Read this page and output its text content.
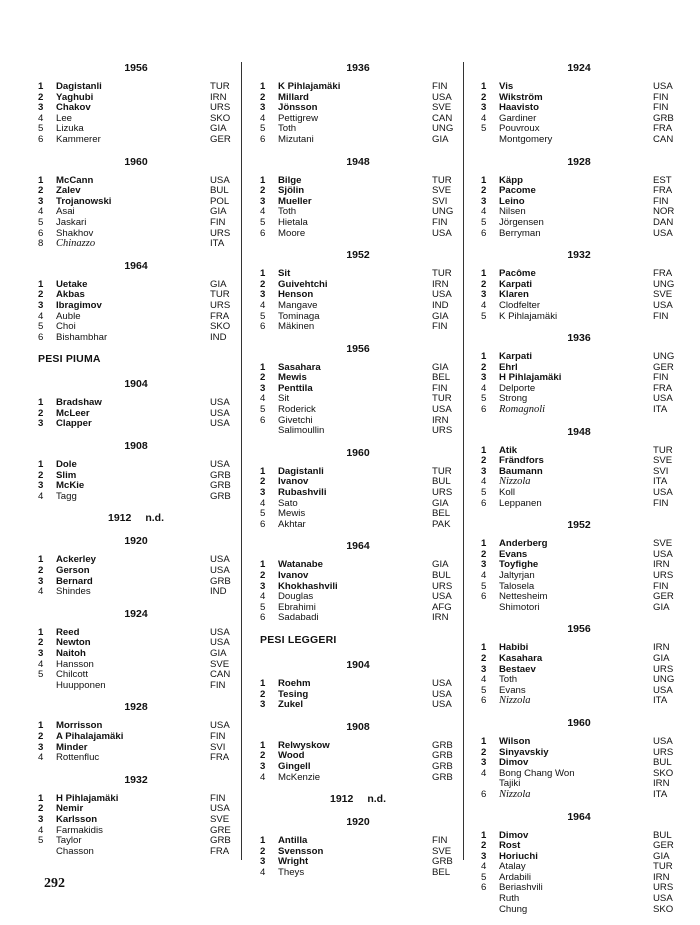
1956
1	Dagistanli	TUR
2	Yaghubi	IRN
3	Chakov	URS
4	Lee	SKO
5	Lizuka	GIA
6	Kammerer	GER
1960
1	McCann	USA
2	Zalev	BUL
3	Trojanowski	POL
4	Asai	GIA
5	Jaskari	FIN
6	Shakhov	URS
8	Chinazzo	ITA
1964
1	Uetake	GIA
2	Akbas	TUR
3	Ibragimov	URS
4	Auble	FRA
5	Choi	SKO
6	Bishambhar	IND
PESI PIUMA
1904
1	Bradshaw	USA
2	McLeer	USA
3	Clapper	USA
1908
1	Dole	USA
2	Slim	GRB
3	McKie	GRB
4	Tagg	GRB
1912 n.d.
1920
1	Ackerley	USA
2	Gerson	USA
3	Bernard	GRB
4	Shindes	IND
1924
1	Reed	USA
2	Newton	USA
3	Naitoh	GIA
4	Hansson	SVE
5	Chilcott	CAN
Huupponen	FIN
1928
1	Morrisson	USA
2	A Pihalajamäki	FIN
3	Minder	SVI
4	Rottenfluc	FRA
1932
1	H Pihlajamäki	FIN
2	Nemir	USA
3	Karlsson	SVE
4	Farmakidis	GRE
5	Taylor	GRB
Chasson	FRA
1936
1	K Pihlajamäki	FIN
2	Millard	USA
3	Jönsson	SVE
4	Pettigrew	CAN
5	Toth	UNG
6	Mizutani	GIA
1948
1	Bilge	TUR
2	Sjölin	SVE
3	Mueller	SVI
4	Toth	UNG
5	Hietala	FIN
6	Moore	USA
1952
1	Sit	TUR
2	Guivehtchi	IRN
3	Henson	USA
4	Mangave	IND
5	Tominaga	GIA
6	Mäkinen	FIN
1956
1	Sasahara	GIA
2	Mewis	BEL
3	Penttila	FIN
4	Sit	TUR
5	Roderick	USA
6	Givetchi	IRN
Salimoullin	URS
1960
1	Dagistanli	TUR
2	Ivanov	BUL
3	Rubashvili	URS
4	Sato	GIA
5	Mewis	BEL
6	Akhtar	PAK
1964
1	Watanabe	GIA
2	Ivanov	BUL
3	Khokhashvili	URS
4	Douglas	USA
5	Ebrahimi	AFG
6	Sadabadi	IRN
PESI LEGGERI
1904
1	Roehm	USA
2	Tesing	USA
3	Zukel	USA
1908
1	Relwyskow	GRB
2	Wood	GRB
3	Gingell	GRB
4	McKenzie	GRB
1912 n.d.
1920
1	Antilla	FIN
2	Svensson	SVE
3	Wright	GRB
4	Theys	BEL
1924
1	Vis	USA
2	Wikström	FIN
3	Haavisto	FIN
4	Gardiner	GRB
5	Pouvroux	FRA
Montgomery	CAN
1928
1	Käpp	EST
2	Pacome	FRA
3	Leino	FIN
4	Nilsen	NOR
5	Jörgensen	DAN
6	Berryman	USA
1932
1	Pacôme	FRA
2	Karpati	UNG
3	Klaren	SVE
4	Clodfelter	USA
5	K Pihlajamäki	FIN
1936
1	Karpati	UNG
2	Ehrl	GER
3	H Pihlajamäki	FIN
4	Delporte	FRA
5	Strong	USA
6	Romagnoli	ITA
1948
1	Atik	TUR
2	Frändfors	SVE
3	Baumann	SVI
4	Nizzola	ITA
5	Koll	USA
6	Leppanen	FIN
1952
1	Anderberg	SVE
2	Evans	USA
3	Toyfighe	IRN
4	Jaltyrjan	URS
5	Talosela	FIN
6	Nettesheim	GER
Shimotori	GIA
1956
1	Habibi	IRN
2	Kasahara	GIA
3	Bestaev	URS
4	Toth	UNG
5	Evans	USA
6	Nizzola	ITA
1960
1	Wilson	USA
2	Sinyavskiy	URS
3	Dimov	BUL
4	Bong Chang Won	SKO
Tajiki	IRN
6	Nizzola	ITA
1964
1	Dimov	BUL
2	Rost	GER
3	Horiuchi	GIA
4	Atalay	TUR
5	Ardabili	IRN
6	Beriashvili	URS
Ruth	USA
Chung	SKO
292
